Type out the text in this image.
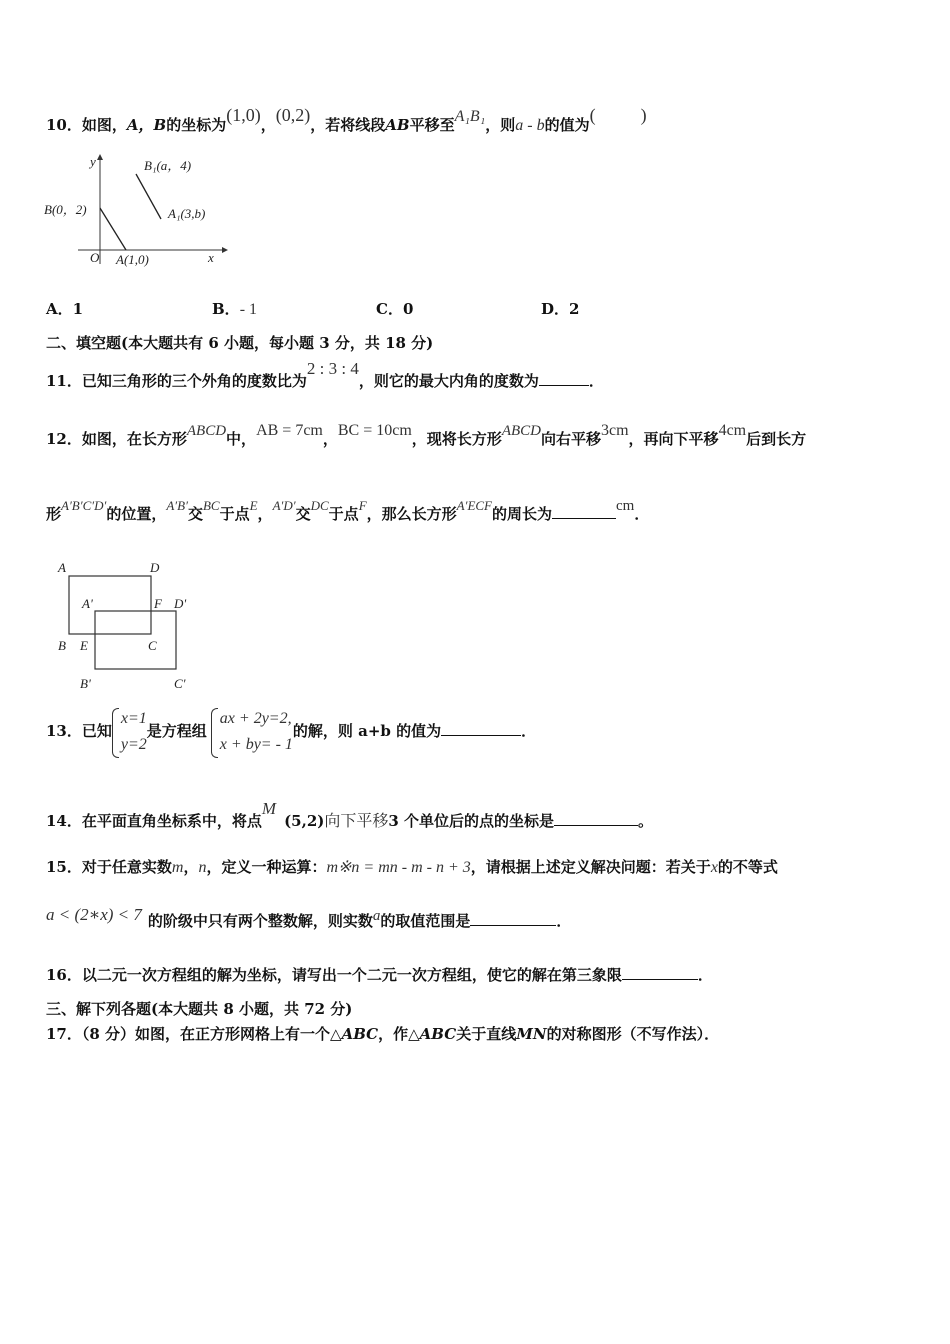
10．如图，A，B的坐标为(1,0)，(0,2)，若将线段AB平移至A₁B₁，则a - b的值为(          )
y
x
O
B(0，2)
A(1,0)
B₁(a，4)
A₁(3,b)
A．1	B．- 1	C．0	D．2
二、填空题(本大题共有 6 小题，每小题 3 分，共 18 分)
11．已知三角形的三个外角的度数比为2 : 3 : 4，则它的最大内角的度数为	．
12．如图，在长方形ABCD中，AB = 7cm，BC = 10cm，现将长方形ABCD向右平移3cm，再向下平移4cm后到长方
形A′B′C′D′的位置，A′B′交BC于点E，A′D′交DC于点F，那么长方形A′ECF的周长为	cm．
A	D
A'	F D'
B E	C
B'	C'
13．已知
x=1
y=2
是方程组
ax + 2y=2,
x + by= - 1
的解，则 a+b 的值为	．
14．在平面直角坐标系中，将点M(5,2)向下平移3 个单位后的点的坐标是	。
15．对于任意实数m，n，定义一种运算：m※n = mn - m - n + 3，请根据上述定义解决问题：若关于x的不等式
a < (2∗x) < 7 的阶级中只有两个整数解，则实数a的取值范围是	．
16．以二元一次方程组的解为坐标，请写出一个二元一次方程组，使它的解在第三象限	．
三、解下列各题(本大题共 8 小题，共 72 分)
17．（8 分）如图，在正方形网格上有一个△ABC，作△ABC关于直线MN的对称图形（不写作法）．
